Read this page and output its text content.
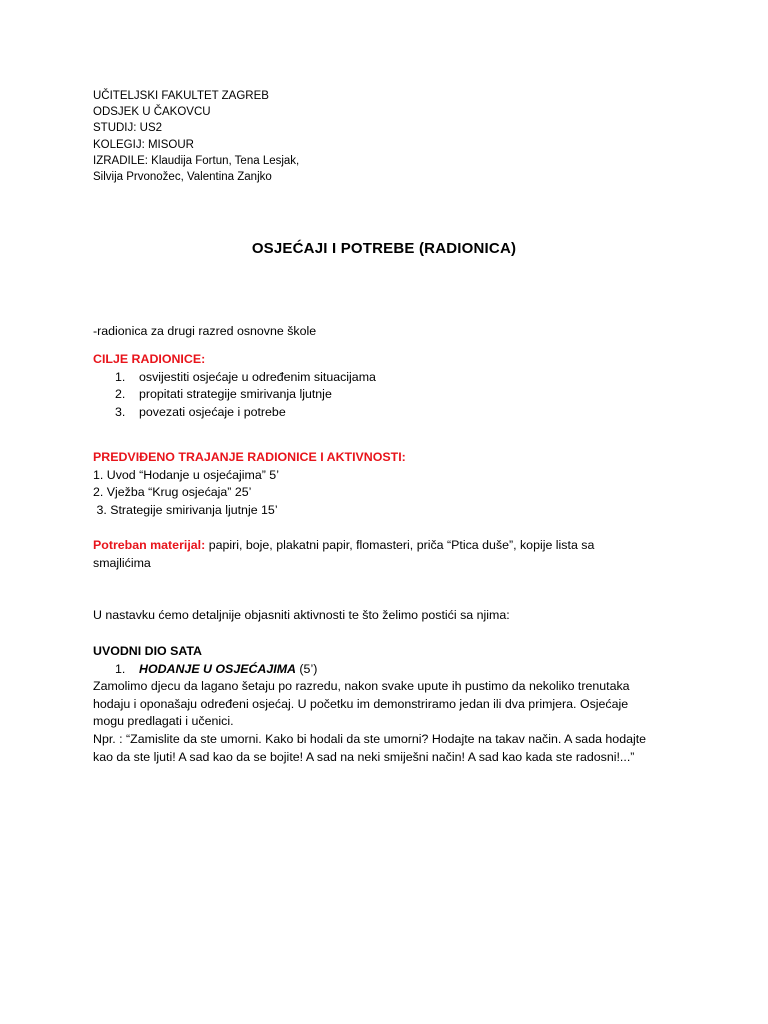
UČITELJSKI FAKULTET ZAGREB
ODSJEK U ČAKOVCU
STUDIJ: US2
KOLEGIJ: MISOUR
IZRADILE: Klaudija Fortun, Tena Lesjak,
Silvija Prvonožec, Valentina Zanjko
OSJEĆAJI I POTREBE (RADIONICA)
-radionica za drugi razred osnovne škole
CILJE RADIONICE:
1. osvijestiti osjećaje u određenim situacijama
2. propitati strategije smirivanja ljutnje
3. povezati osjećaje i potrebe
PREDVIĐENO TRAJANJE RADIONICE I AKTIVNOSTI:
1. Uvod “Hodanje u osjećajima” 5’
2. Vježba “Krug osjećaja” 25’
3. Strategije smirivanja ljutnje 15’
Potreban materijal: papiri, boje, plakatni papir, flomasteri, priča “Ptica duše”, kopije lista sa
smajlićima
U nastavku ćemo detaljnije objasniti aktivnosti te što želimo postići sa njima:
UVODNI DIO SATA
1. HODANJE U OSJEĆAJIMA (5’)
Zamolimo djecu da lagano šetaju po razredu, nakon svake upute ih pustimo da nekoliko trenutaka
hodaju i oponašaju određeni osjećaj. U početku im demonstriramo jedan ili dva primjera. Osjećaje
mogu predlagati i učenici.
Npr. : “Zamislite da ste umorni. Kako bi hodali da ste umorni? Hodajte na takav način. A sada hodajte
kao da ste ljuti! A sad kao da se bojite! A sad na neki smiješni način! A sad kao kada ste radosni!...”
